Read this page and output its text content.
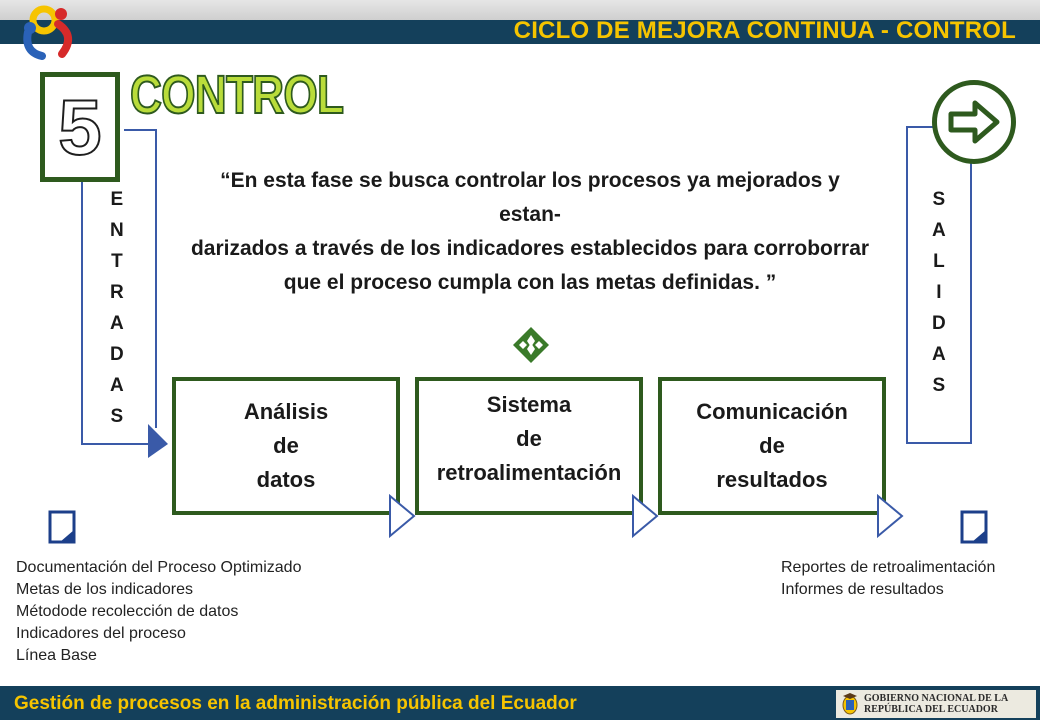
CICLO DE MEJORA CONTINUA - CONTROL
5 CONTROL
E
N
T
R
A
D
A
S
“En esta fase se busca controlar los procesos ya mejorados y estan-
darizados a través de los indicadores establecidos para corroborrar
que el proceso cumpla con las metas definidas. ”
S
A
L
I
D
A
S
Análisis
de
datos
Sistema
de
retroalimentación
Comunicación
de
resultados
Documentación del Proceso Optimizado
Metas de los indicadores
Métodode recolección de datos
Indicadores del proceso
Línea Base
Reportes de retroalimentación
Informes de resultados
Gestión de procesos en la administración pública del Ecuador	GOBIERNO NACIONAL DE LA
REPÚBLICA DEL ECUADOR
